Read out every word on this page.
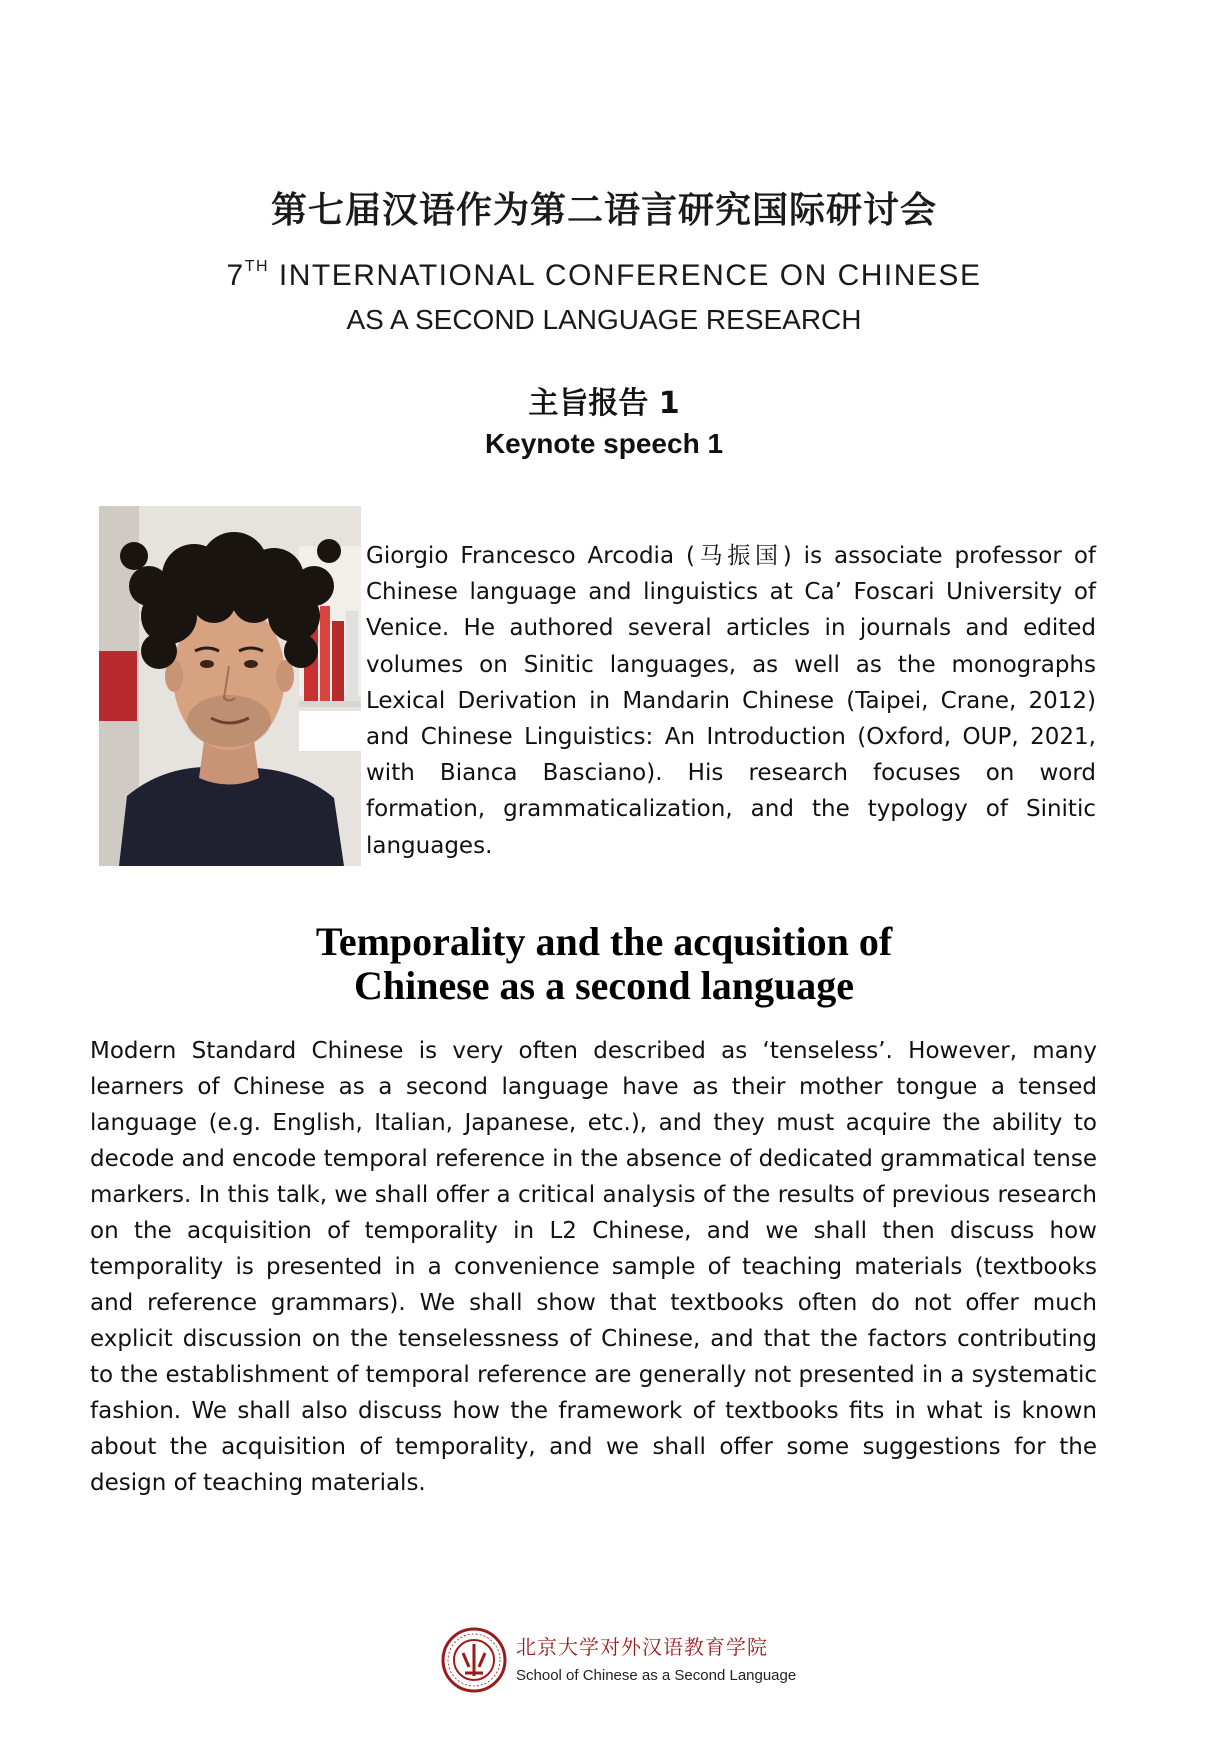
第七届汉语作为第二语言研究国际研讨会
7TH INTERNATIONAL CONFERENCE ON CHINESE
AS A SECOND LANGUAGE RESEARCH
主旨报告 1
Keynote speech 1

Giorgio Francesco Arcodia (马振国) is associate professor of Chinese language and linguistics at Ca’ Foscari University of Venice. He authored several articles in journals and edited volumes on Sinitic languages, as well as the monographs Lexical Derivation in Mandarin Chinese (Taipei, Crane, 2012) and Chinese Linguistics: An Introduction (Oxford, OUP, 2021, with Bianca Basciano). His research focuses on word formation, grammaticalization, and the typology of Sinitic languages.

Temporality and the acqusition of
Chinese as a second language

Modern Standard Chinese is very often described as ‘tenseless’. However, many learners of Chinese as a second language have as their mother tongue a tensed language (e.g. English, Italian, Japanese, etc.), and they must acquire the ability to decode and encode temporal reference in the absence of dedicated grammatical tense markers. In this talk, we shall offer a critical analysis of the results of previous research on the acquisition of temporality in L2 Chinese, and we shall then discuss how temporality is presented in a convenience sample of teaching materials (textbooks and reference grammars). We shall show that textbooks often do not offer much explicit discussion on the tenselessness of Chinese, and that the factors contributing to the establishment of temporal reference are generally not presented in a systematic fashion. We shall also discuss how the framework of textbooks fits in what is known about the acquisition of temporality, and we shall offer some suggestions for the design of teaching materials.

北京大学对外汉语教育学院
School of Chinese as a Second Language
